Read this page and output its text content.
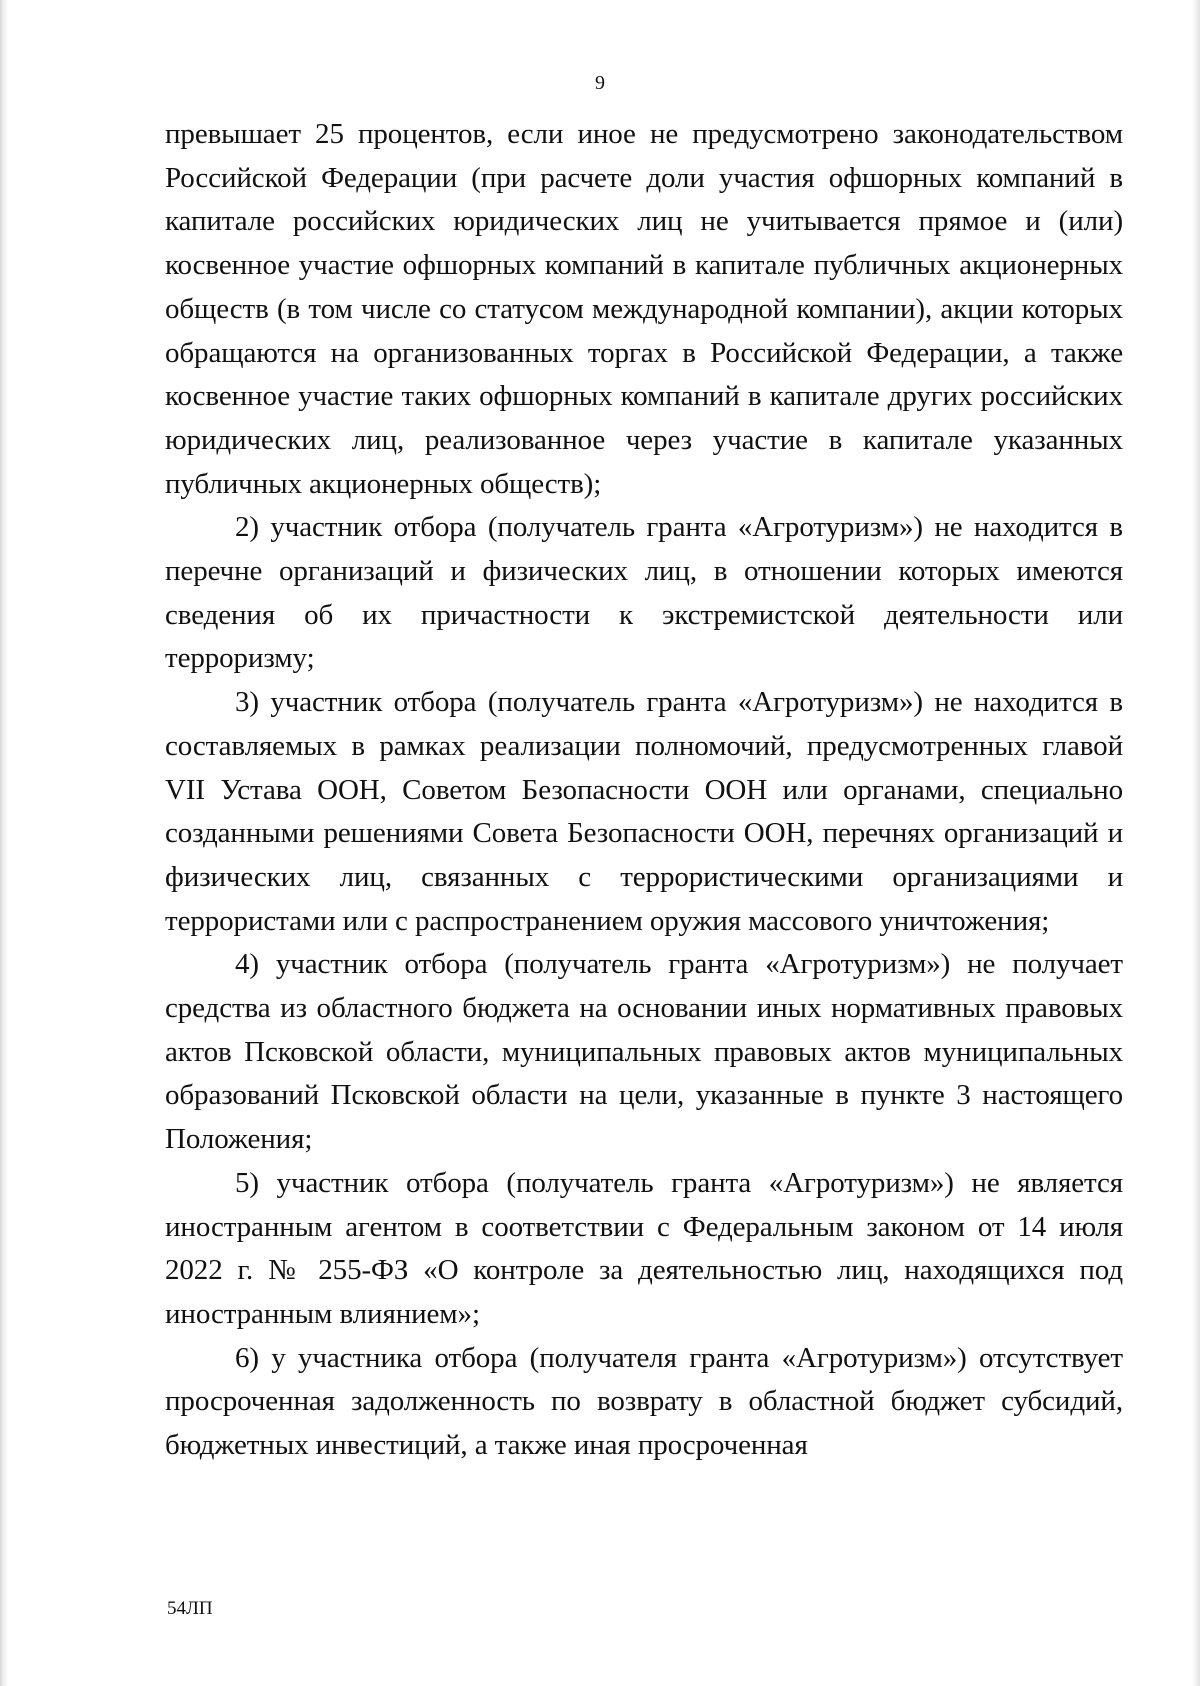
9

превышает 25 процентов, если иное не предусмотрено законодательством Российской Федерации (при расчете доли участия офшорных компаний в капитале российских юридических лиц не учитывается прямое и (или) косвенное участие офшорных компаний в капитале публичных акционерных обществ (в том числе со статусом международной компании), акции которых обращаются на организованных торгах в Российской Федерации, а также косвенное участие таких офшорных компаний в капитале других российских юридических лиц, реализованное через участие в капитале указанных публичных акционерных обществ);

2) участник отбора (получатель гранта «Агротуризм») не находится в перечне организаций и физических лиц, в отношении которых имеются сведения об их причастности к экстремистской деятельности или терроризму;

3) участник отбора (получатель гранта «Агротуризм») не находится в составляемых в рамках реализации полномочий, предусмотренных главой VII Устава ООН, Советом Безопасности ООН или органами, специально созданными решениями Совета Безопасности ООН, перечнях организаций и физических лиц, связанных с террористическими организациями и террористами или с распространением оружия массового уничтожения;

4) участник отбора (получатель гранта «Агротуризм») не получает средства из областного бюджета на основании иных нормативных правовых актов Псковской области, муниципальных правовых актов муниципальных образований Псковской области на цели, указанные в пункте 3 настоящего Положения;

5) участник отбора (получатель гранта «Агротуризм») не является иностранным агентом в соответствии с Федеральным законом от 14 июля 2022 г. № 255-ФЗ «О контроле за деятельностью лиц, находящихся под иностранным влиянием»;

6) у участника отбора (получателя гранта «Агротуризм») отсутствует просроченная задолженность по возврату в областной бюджет субсидий, бюджетных инвестиций, а также иная просроченная

54ЛП
